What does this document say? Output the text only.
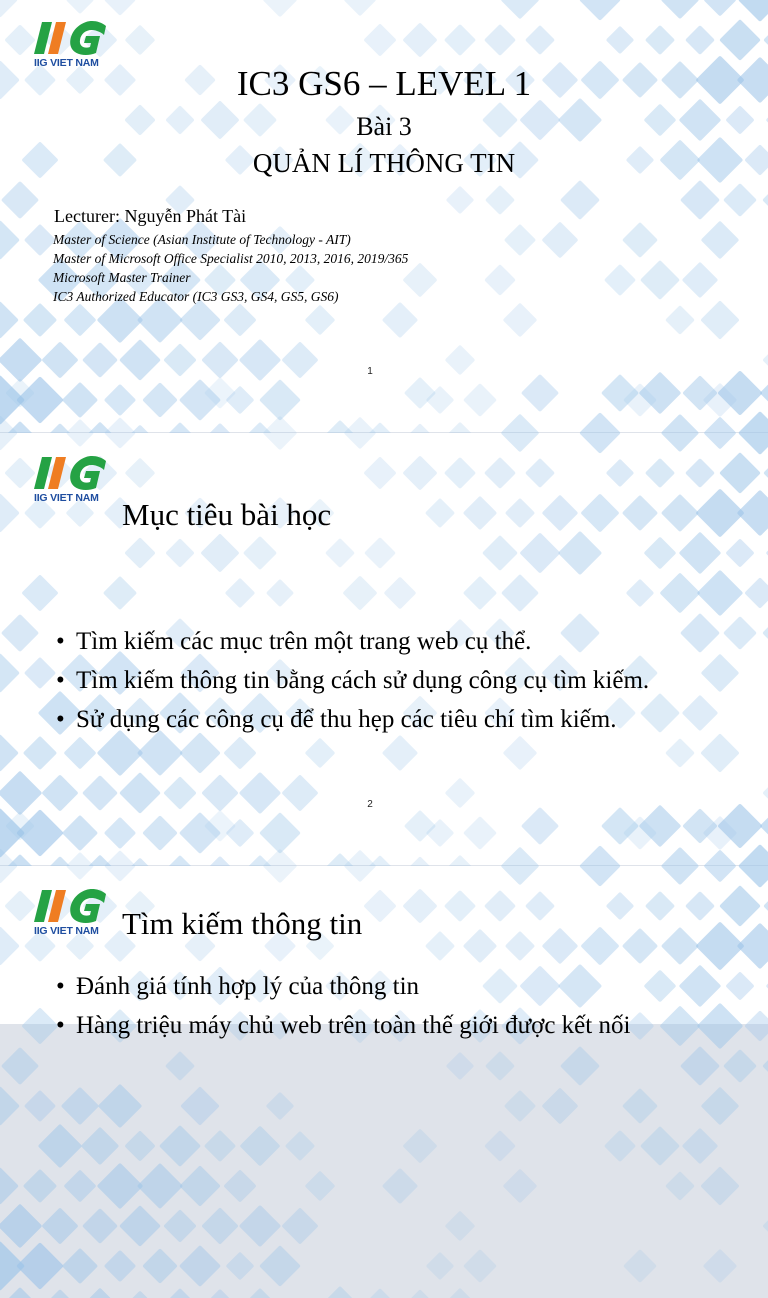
IIG VIET NAM
IC3 GS6 – LEVEL 1
Bài 3
QUẢN LÍ THÔNG TIN
Lecturer: Nguyễn Phát Tài
Master of Science (Asian Institute of Technology - AIT)
Master of Microsoft Office Specialist 2010, 2013, 2016, 2019/365
Microsoft Master Trainer
IC3 Authorized Educator (IC3 GS3, GS4, GS5, GS6)
1
IIG VIET NAM Mục tiêu bài học
• Tìm kiếm các mục trên một trang web cụ thể.
• Tìm kiếm thông tin bằng cách sử dụng công cụ tìm kiếm.
• Sử dụng các công cụ để thu hẹp các tiêu chí tìm kiếm.
2
IIG VIET NAM Tìm kiếm thông tin
• Đánh giá tính hợp lý của thông tin
• Hàng triệu máy chủ web trên toàn thế giới được kết nối
